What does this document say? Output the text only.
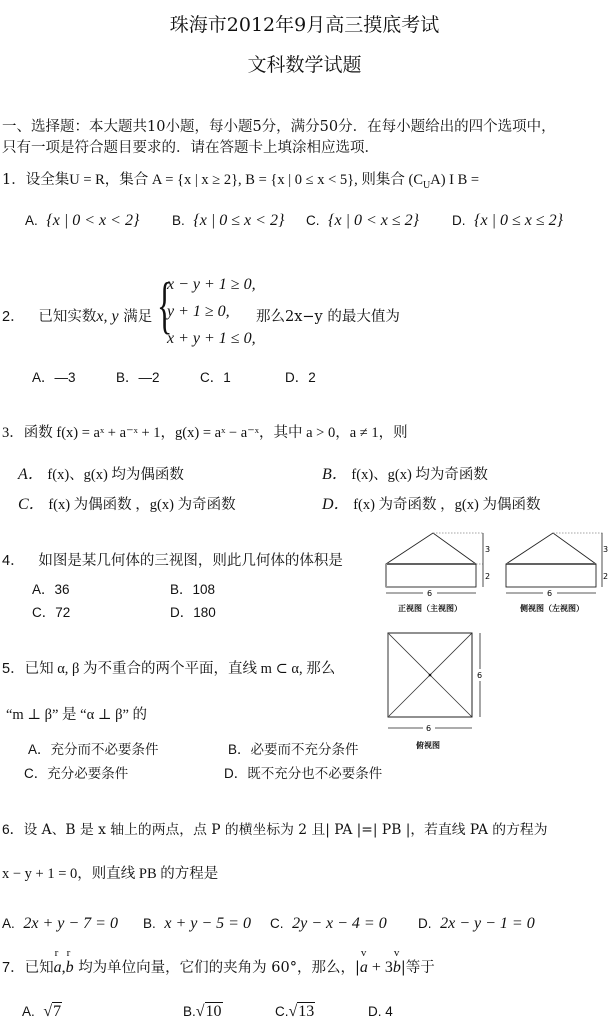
珠海市2012年9月高三摸底考试
文科数学试题
一、选择题：本大题共10小题，每小题5分，满分50分．在每小题给出的四个选项中，
只有一项是符合题目要求的．请在答题卡上填涂相应选项．
1．设全集U = R，集合 A = {x | x ≥ 2}, B = {x | 0 ≤ x < 5}, 则集合 $(C_UA)$ I B =
A. {x | 0 < x < 2} B. {x | 0 ≤ x < 2} C. {x | 0 < x ≤ 2} D. {x | 0 ≤ x ≤ 2}
2． 已知实数x, y 满足 {
x − y + 1 ≥ 0,
y + 1 ≥ 0,
x + y + 1 ≤ 0,
那么2x−y 的最大值为
A．—3	B．—2	C．1	D．2
3．函数 f(x) = aˣ + a⁻ˣ + 1，g(x) = aˣ − a⁻ˣ，其中 a > 0，a ≠ 1，则
A． f(x)、g(x) 均为偶函数	B． f(x)、g(x) 均为奇函数
C． f(x) 为偶函数 ，g(x) 为奇函数	D． f(x) 为奇函数 ，g(x) 为偶函数
4． 如图是某几何体的三视图，则此几何体的体积是
A．36	B．108
C．72	D．180
3
2
6
正视图（主视图）
3
2
6
侧视图（左视图）
6
6
俯视图
5．已知 α, β 为不重合的两个平面，直线 m ⊂ α, 那么
“m ⊥ β” 是 “α ⊥ β” 的
A．充分而不必要条件	B．必要而不充分条件
C．充分必要条件	D．既不充分也不必要条件
6．设 A、B 是 x 轴上的两点，点 P 的横坐标为 2 且| PA |=| PB |，若直线 PA 的方程为
x − y + 1 = 0，则直线 PB 的方程是
A. 2x + y − 7 = 0 B. x + y − 5 = 0 C. 2y − x − 4 = 0 D. 2x − y − 1 = 0
7．已知
r
a,
r
b 均为单位向量，它们的夹角为 60°，那么，|
v
a + 3
v
b|等于
A. √7	B.√10	C.√13	D. 4
